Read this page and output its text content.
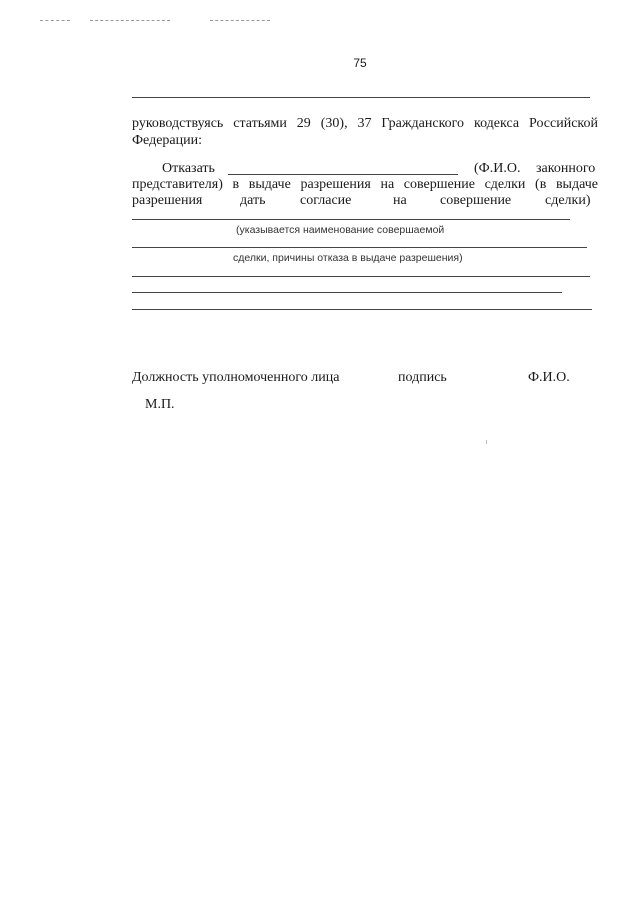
75
руководствуясь статьями 29 (30), 37 Гражданского кодекса Российской
Федерации:
Отказать	(Ф.И.О. законного
представителя) в выдаче разрешения на совершение сделки (в выдаче
разрешения	дать согласие	на совершение сделки)
(указывается наименование совершаемой
сделки, причины отказа в выдаче разрешения)
Должность уполномоченного лица	подпись	Ф.И.О.
М.П.
